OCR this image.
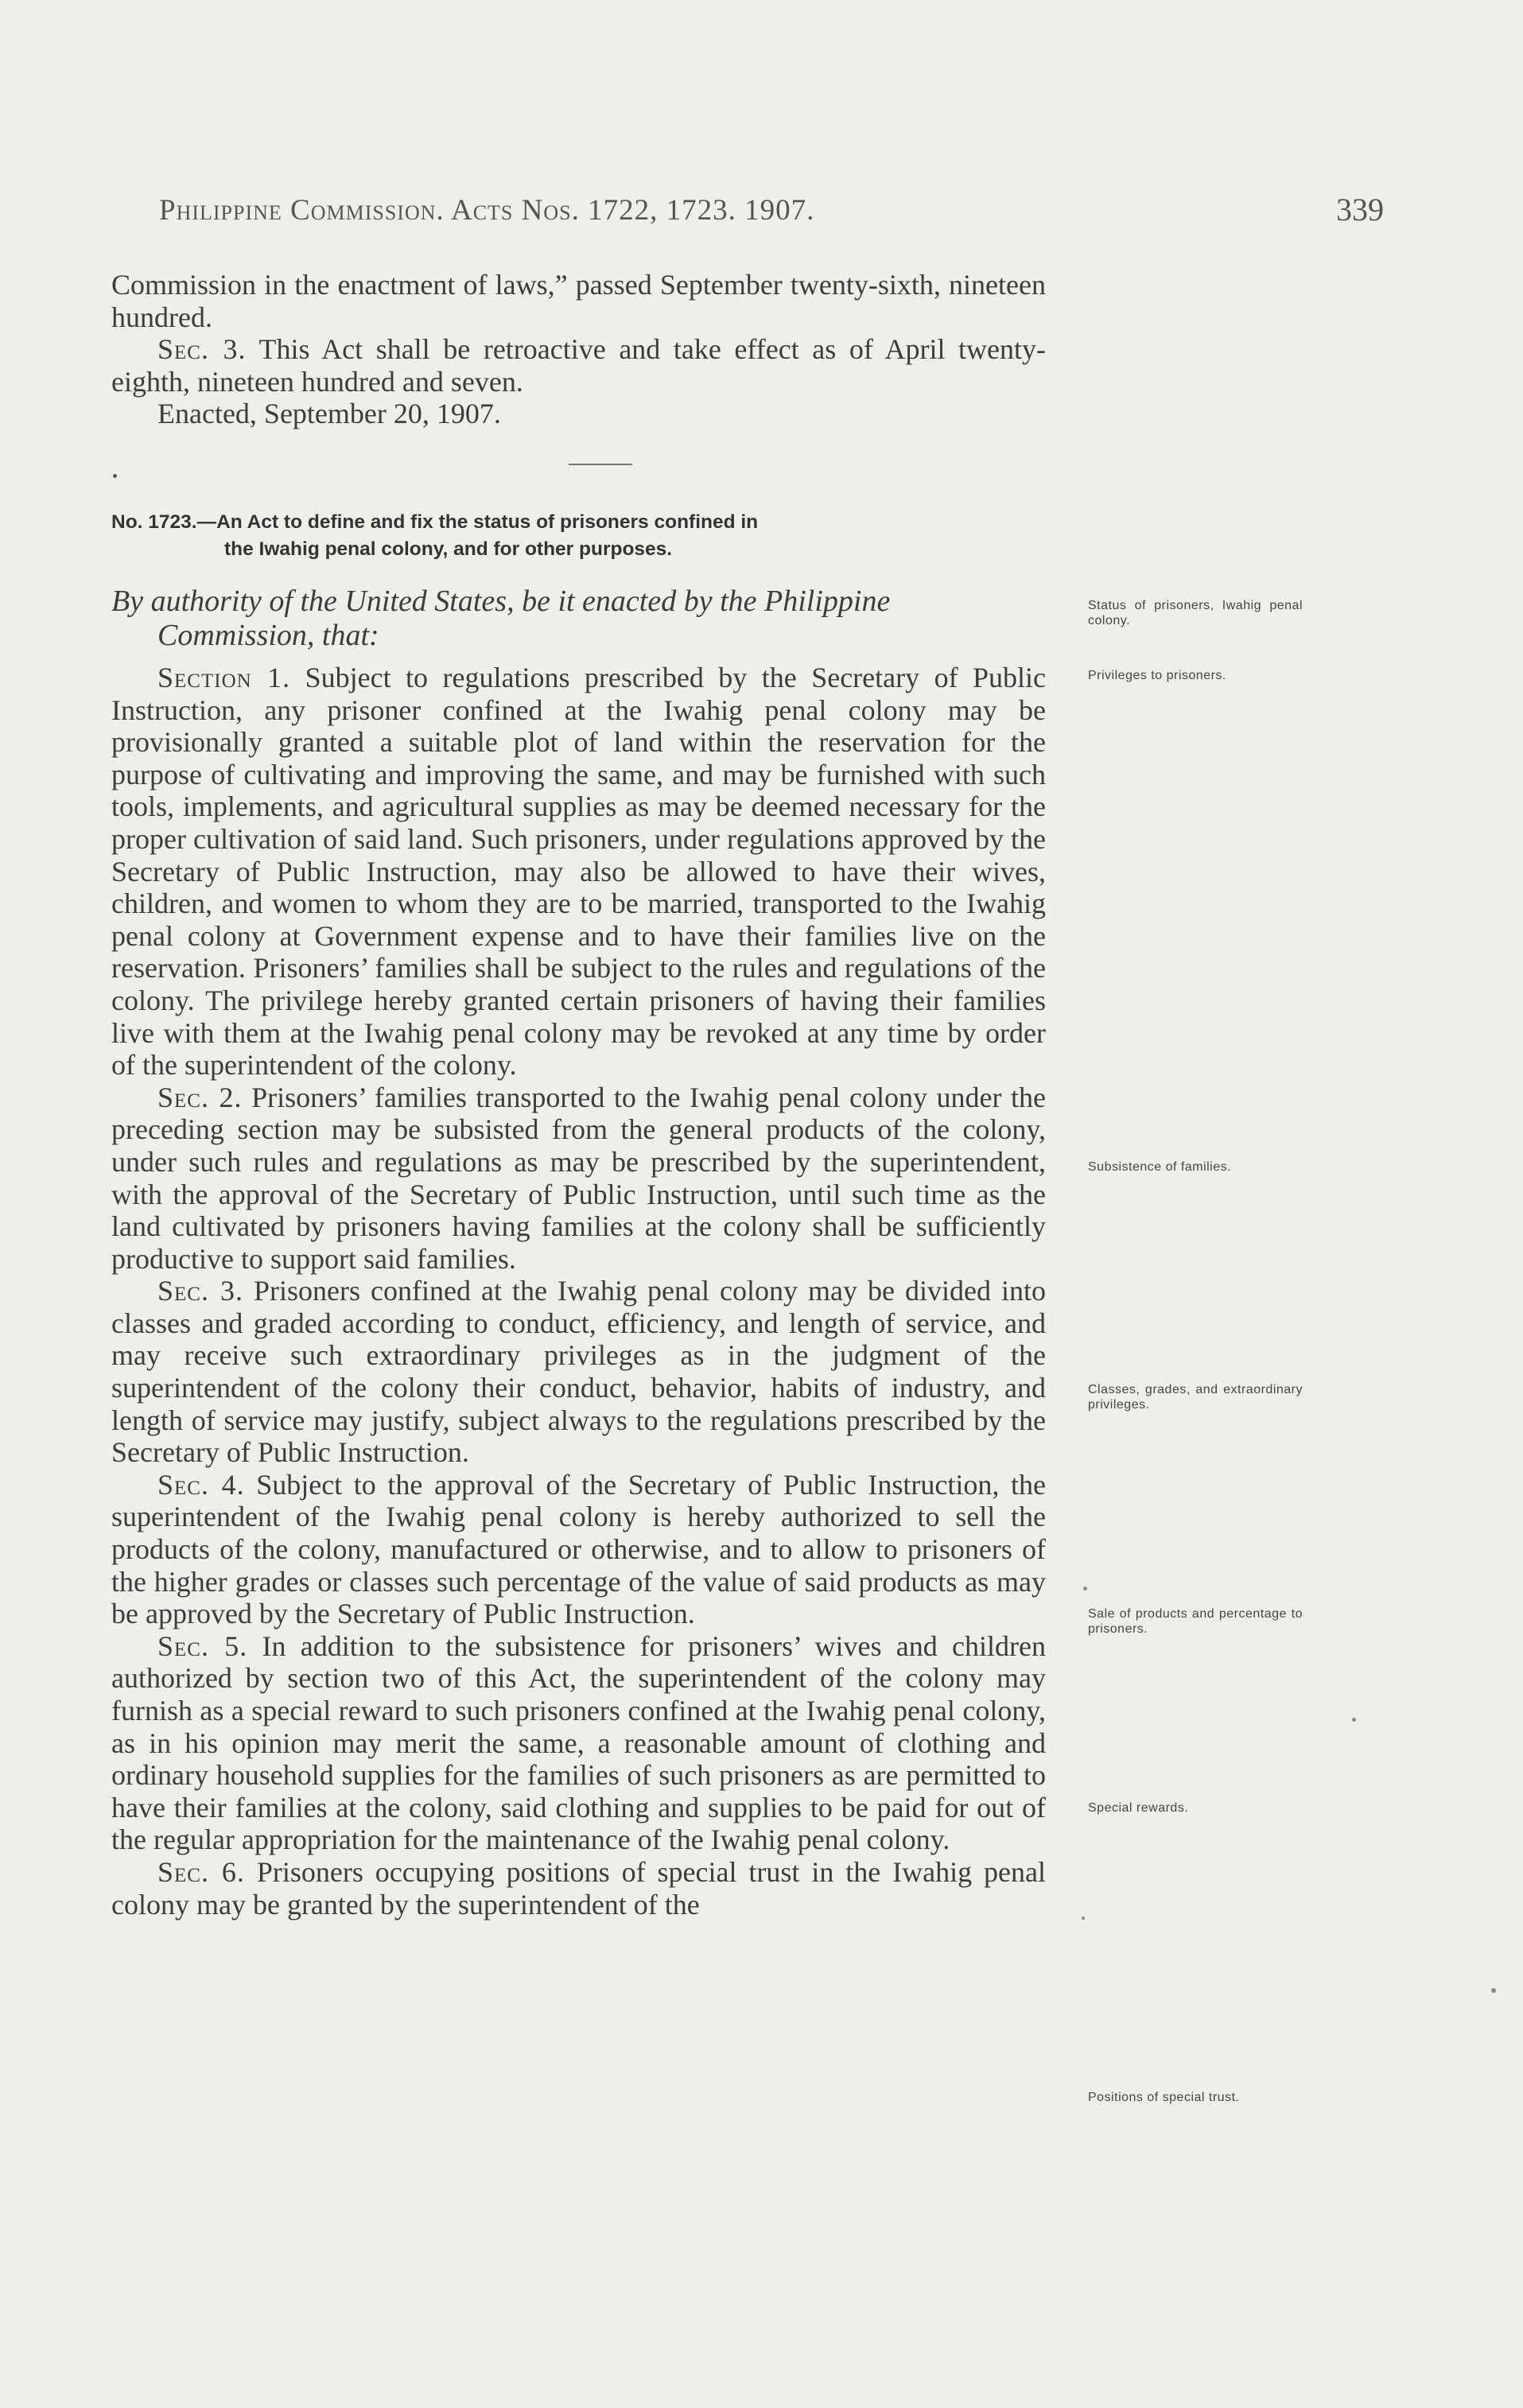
Philippine Commission. Acts Nos. 1722, 1723. 1907.	339

Commission in the enactment of laws,” passed September twenty-sixth, nineteen hundred.

Sec. 3. This Act shall be retroactive and take effect as of April twenty-eighth, nineteen hundred and seven.

Enacted, September 20, 1907.

No. 1723.—An Act to define and fix the status of prisoners confined in
the Iwahig penal colony, and for other purposes.
By authority of the United States, be it enacted by the Philippine
Commission, that:

Section 1. Subject to regulations prescribed by the Secretary of Public Instruction, any prisoner confined at the Iwahig penal colony may be provisionally granted a suitable plot of land within the reservation for the purpose of cultivating and improving the same, and may be furnished with such tools, implements, and agricultural supplies as may be deemed necessary for the proper cultivation of said land. Such prisoners, under regulations approved by the Secretary of Public Instruction, may also be allowed to have their wives, children, and women to whom they are to be married, transported to the Iwahig penal colony at Government expense and to have their families live on the reservation. Prisoners’ families shall be subject to the rules and regulations of the colony. The privilege hereby granted certain prisoners of having their families live with them at the Iwahig penal colony may be revoked at any time by order of the superintendent of the colony.

Sec. 2. Prisoners’ families transported to the Iwahig penal colony under the preceding section may be subsisted from the general products of the colony, under such rules and regulations as may be prescribed by the superintendent, with the approval of the Secretary of Public Instruction, until such time as the land cultivated by prisoners having families at the colony shall be sufficiently productive to support said families.

Sec. 3. Prisoners confined at the Iwahig penal colony may be divided into classes and graded according to conduct, efficiency, and length of service, and may receive such extraordinary privileges as in the judgment of the superintendent of the colony their conduct, behavior, habits of industry, and length of service may justify, subject always to the regulations prescribed by the Secretary of Public Instruction.

Sec. 4. Subject to the approval of the Secretary of Public Instruction, the superintendent of the Iwahig penal colony is hereby authorized to sell the products of the colony, manufactured or otherwise, and to allow to prisoners of the higher grades or classes such percentage of the value of said products as may be approved by the Secretary of Public Instruction.

Sec. 5. In addition to the subsistence for prisoners’ wives and children authorized by section two of this Act, the superintendent of the colony may furnish as a special reward to such prisoners confined at the Iwahig penal colony, as in his opinion may merit the same, a reasonable amount of clothing and ordinary household supplies for the families of such prisoners as are permitted to have their families at the colony, said clothing and supplies to be paid for out of the regular appropriation for the maintenance of the Iwahig penal colony.

Sec. 6. Prisoners occupying positions of special trust in the Iwahig penal colony may be granted by the superintendent of the

Status of prisoners, Iwahig penal colony.
Privileges to prisoners.
Subsistence of families.
Classes, grades, and extraordinary privileges.
Sale of products and percentage to prisoners.
Special rewards.
Positions of special trust.
